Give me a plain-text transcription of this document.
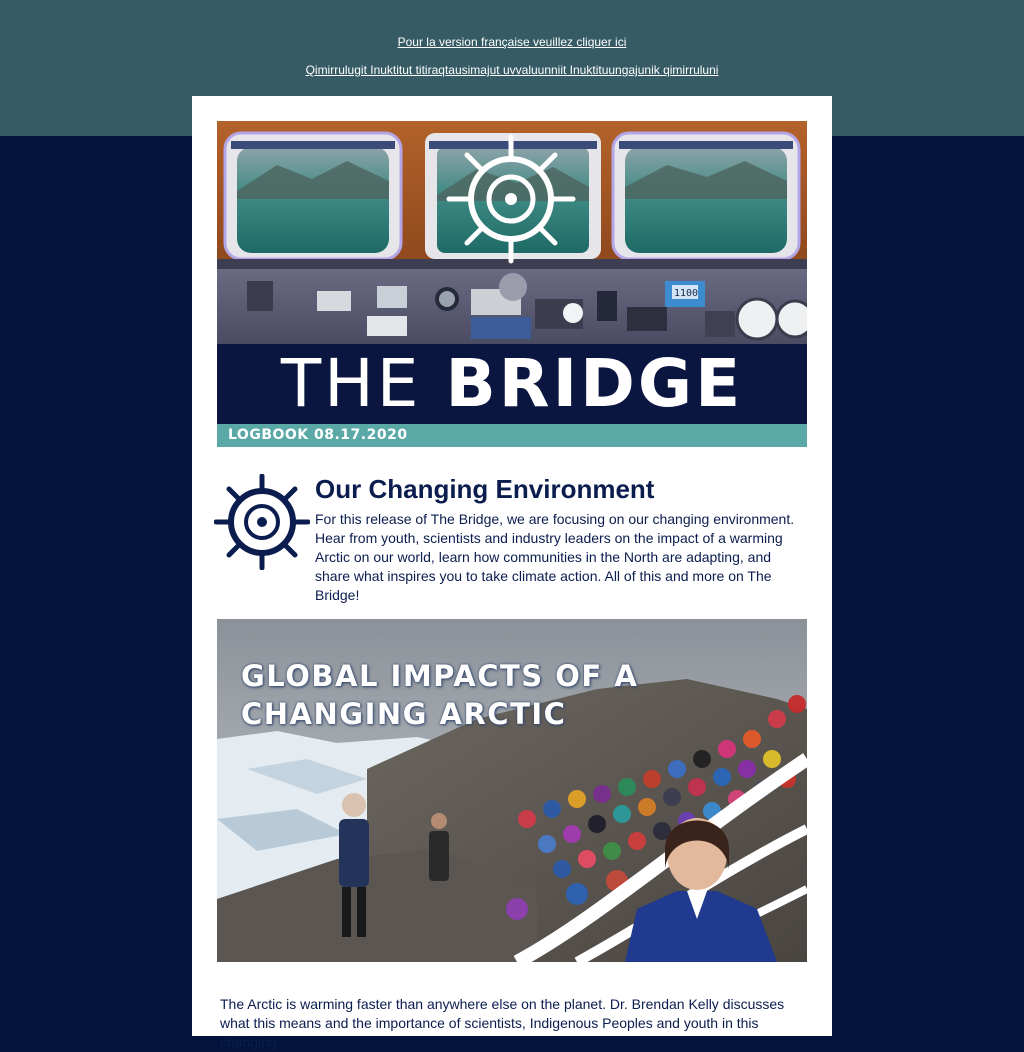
Pour la version française veuillez cliquer ici
Qimirrulugit Inuktitut titiraqtausimajut uvvaluunniit Inuktituungajunik qimirruluni
1100
THE BRIDGE
LOGBOOK 08.17.2020
Our Changing Environment
For this release of The Bridge, we are focusing on our changing environment. Hear from youth, scientists and industry leaders on the impact of a warming Arctic on our world, learn how communities in the North are adapting, and share what inspires you to take climate action. All of this and more on The Bridge!
GLOBAL IMPACTS OF A
CHANGING ARCTIC
The Arctic is warming faster than anywhere else on the planet. Dr. Brendan Kelly discusses what this means and the importance of scientists, Indigenous Peoples and youth in this changing
